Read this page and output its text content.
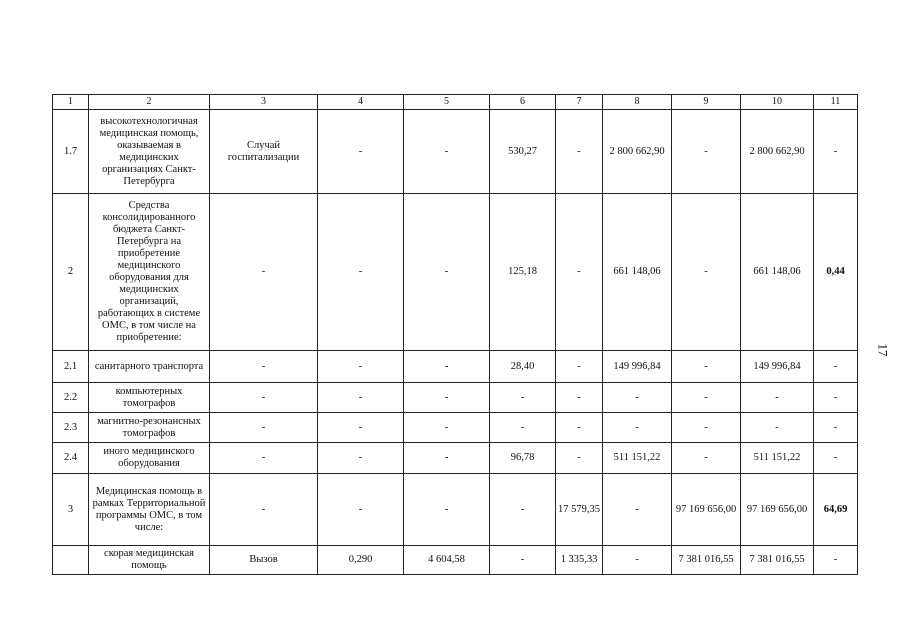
1	2	3	4	5	6	7	8	9	10	11
1.7	высокотехнологичная медицинская помощь, оказываемая в медицинских организациях Санкт-Петербурга	Случай госпитализации	-	-	530,27	-	2 800 662,90	-	2 800 662,90	-
2	Средства консолидированного бюджета Санкт-Петербурга на приобретение медицинского оборудования для медицинских организаций, работающих в системе ОМС, в том числе на приобретение:	-	-	-	125,18	-	661 148,06	-	661 148,06	0,44
2.1	санитарного транспорта	-	-	-	28,40	-	149 996,84	-	149 996,84	-
2.2	компьютерных томографов	-	-	-	-	-	-	-	-	-
2.3	магнитно-резонансных томографов	-	-	-	-	-	-	-	-	-
2.4	иного медицинского оборудования	-	-	-	96,78	-	511 151,22	-	511 151,22	-
3	Медицинская помощь в рамках Территориальной программы ОМС, в том числе:	-	-	-	-	17 579,35	-	97 169 656,00	97 169 656,00	64,69
	скорая медицинская помощь	Вызов	0,290	4 604,58	-	1 335,33	-	7 381 016,55	7 381 016,55	-
17
